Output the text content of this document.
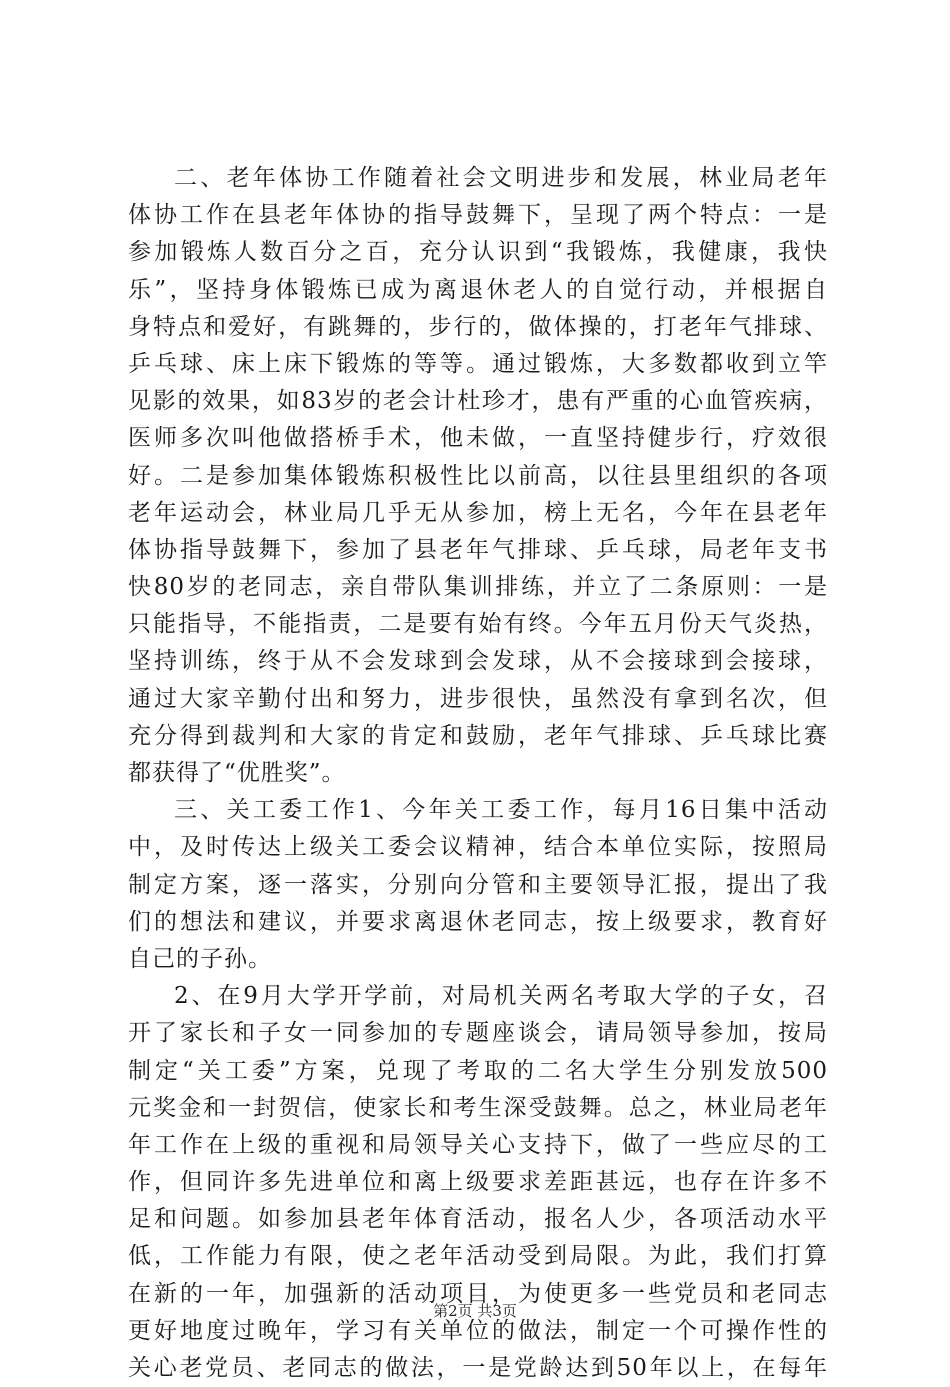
二、老年体协工作随着社会文明进步和发展，林业局老年
体协工作在县老年体协的指导鼓舞下，呈现了两个特点：一是
参加锻炼人数百分之百，充分认识到“我锻炼，我健康，我快
乐”，坚持身体锻炼已成为离退休老人的自觉行动，并根据自
身特点和爱好，有跳舞的，步行的，做体操的，打老年气排球、
乒乓球、床上床下锻炼的等等。通过锻炼，大多数都收到立竿
见影的效果，如83岁的老会计杜珍才，患有严重的心血管疾病，
医师多次叫他做搭桥手术，他未做，一直坚持健步行，疗效很
好。二是参加集体锻炼积极性比以前高，以往县里组织的各项
老年运动会，林业局几乎无从参加，榜上无名，今年在县老年
体协指导鼓舞下，参加了县老年气排球、乒乓球，局老年支书
快80岁的老同志，亲自带队集训排练，并立了二条原则：一是
只能指导，不能指责，二是要有始有终。今年五月份天气炎热，
坚持训练，终于从不会发球到会发球，从不会接球到会接球，
通过大家辛勤付出和努力，进步很快，虽然没有拿到名次，但
充分得到裁判和大家的肯定和鼓励，老年气排球、乒乓球比赛
都获得了“优胜奖”。
三、关工委工作1、今年关工委工作，每月16日集中活动
中，及时传达上级关工委会议精神，结合本单位实际，按照局
制定方案，逐一落实，分别向分管和主要领导汇报，提出了我
们的想法和建议，并要求离退休老同志，按上级要求，教育好
自己的子孙。
2、在9月大学开学前，对局机关两名考取大学的子女，召
开了家长和子女一同参加的专题座谈会，请局领导参加，按局
制定“关工委”方案，兑现了考取的二名大学生分别发放500
元奖金和一封贺信，使家长和考生深受鼓舞。总之，林业局老年
年工作在上级的重视和局领导关心支持下，做了一些应尽的工
作，但同许多先进单位和离上级要求差距甚远，也存在许多不
足和问题。如参加县老年体育活动，报名人少，各项活动水平
低，工作能力有限，使之老年活动受到局限。为此，我们打算
在新的一年，加强新的活动项目，为使更多一些党员和老同志
更好地度过晚年，学习有关单位的做法，制定一个可操作性的
关心老党员、老同志的做法，一是党龄达到50年以上，在每年
第2页 共3页
